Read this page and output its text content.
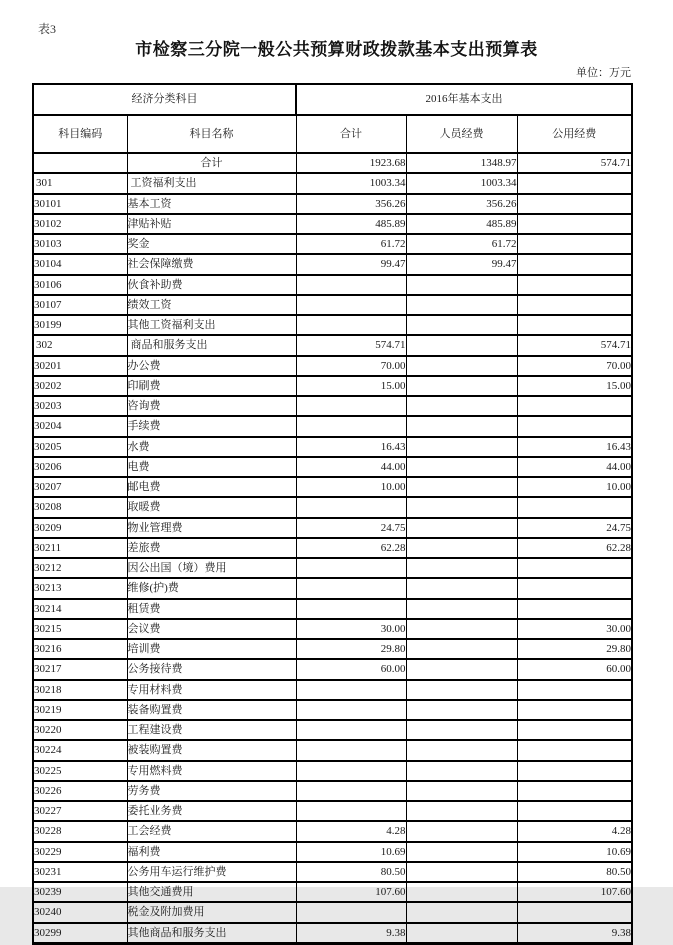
表3
市检察三分院一般公共预算财政拨款基本支出预算表
单位：万元
经济分类科目		2016年基本支出		
科目编码	科目名称	合计	人员经费	公用经费
	合计	1923.68	1348.97	574.71
301	工资福利支出	1003.34	1003.34	
30101	基本工资	356.26	356.26	
30102	津贴补贴	485.89	485.89	
30103	奖金	61.72	61.72	
30104	社会保障缴费	99.47	99.47	
30106	伙食补助费			
30107	绩效工资			
30199	其他工资福利支出			
302	商品和服务支出	574.71		574.71
30201	办公费	70.00		70.00
30202	印刷费	15.00		15.00
30203	咨询费			
30204	手续费			
30205	水费	16.43		16.43
30206	电费	44.00		44.00
30207	邮电费	10.00		10.00
30208	取暖费			
30209	物业管理费	24.75		24.75
30211	差旅费	62.28		62.28
30212	因公出国（境）费用			
30213	维修(护)费			
30214	租赁费			
30215	会议费	30.00		30.00
30216	培训费	29.80		29.80
30217	公务接待费	60.00		60.00
30218	专用材料费			
30219	装备购置费			
30220	工程建设费			
30224	被装购置费			
30225	专用燃料费			
30226	劳务费			
30227	委托业务费			
30228	工会经费	4.28		4.28
30229	福利费	10.69		10.69
30231	公务用车运行维护费	80.50		80.50
30239	其他交通费用	107.60		107.60
30240	税金及附加费用			
30299	其他商品和服务支出	9.38		9.38
